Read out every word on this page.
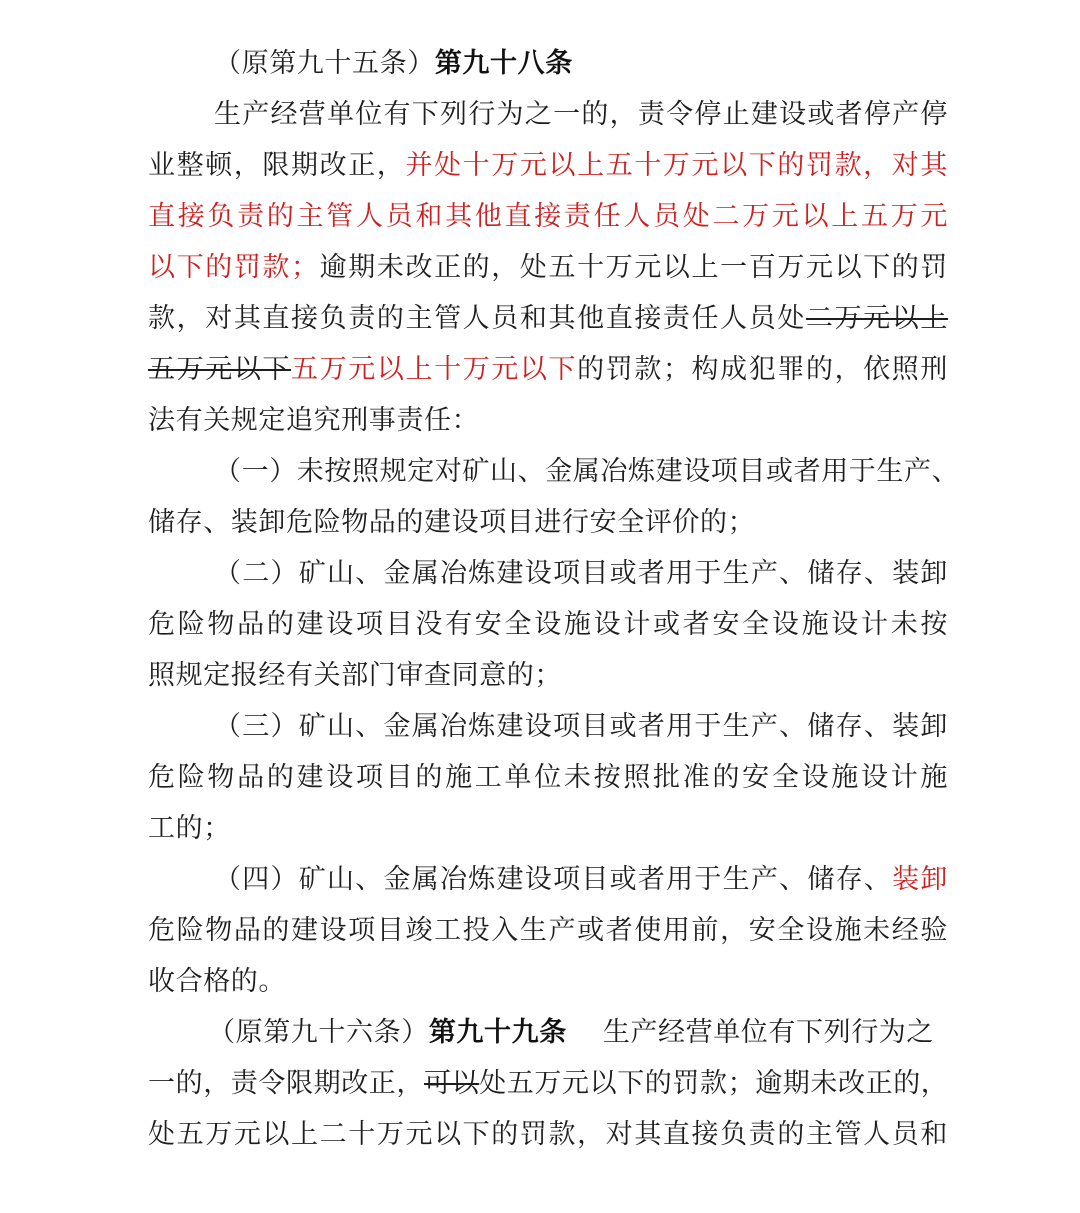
（原第九十五条）第九十八条
生产经营单位有下列行为之一的，责令停止建设或者停产停
业整顿，限期改正，并处十万元以上五十万元以下的罚款，对其
直接负责的主管人员和其他直接责任人员处二万元以上五万元
以下的罚款；逾期未改正的，处五十万元以上一百万元以下的罚
款，对其直接负责的主管人员和其他直接责任人员处二万元以上
五万元以下五万元以上十万元以下的罚款；构成犯罪的，依照刑
法有关规定追究刑事责任：
（一）未按照规定对矿山、金属冶炼建设项目或者用于生产、
储存、装卸危险物品的建设项目进行安全评价的；
（二）矿山、金属冶炼建设项目或者用于生产、储存、装卸
危险物品的建设项目没有安全设施设计或者安全设施设计未按
照规定报经有关部门审查同意的；
（三）矿山、金属冶炼建设项目或者用于生产、储存、装卸
危险物品的建设项目的施工单位未按照批准的安全设施设计施
工的；
（四）矿山、金属冶炼建设项目或者用于生产、储存、装卸
危险物品的建设项目竣工投入生产或者使用前，安全设施未经验
收合格的。
（原第九十六条）第九十九条 生产经营单位有下列行为之
一的，责令限期改正，可以处五万元以下的罚款；逾期未改正的，
处五万元以上二十万元以下的罚款，对其直接负责的主管人员和
